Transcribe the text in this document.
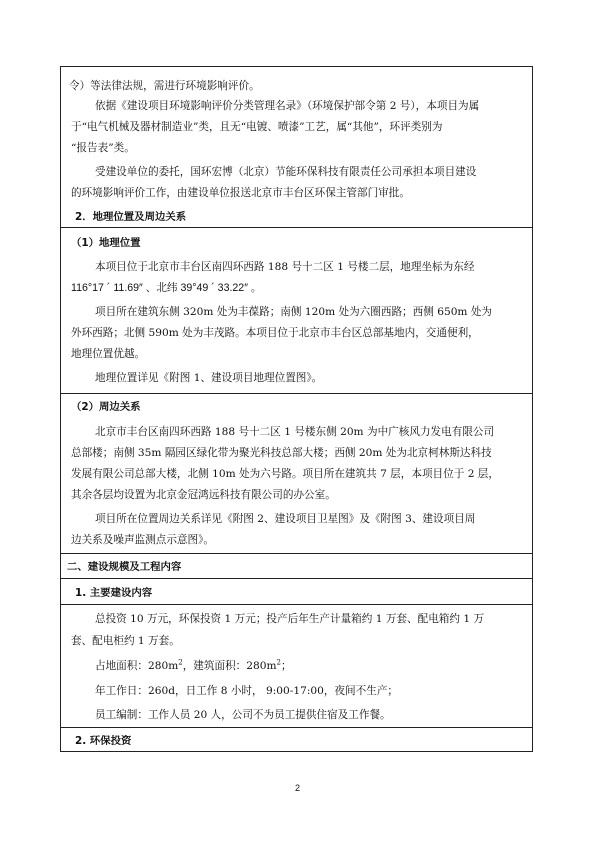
令）等法律法规，需进行环境影响评价。
依据《建设项目环境影响评价分类管理名录》（环境保护部令第 2 号），本项目为属
于“电气机械及器材制造业”类，且无“电镀、喷漆”工艺，属“其他”，环评类别为
“报告表”类。
受建设单位的委托，国环宏博（北京）节能环保科技有限责任公司承担本项目建设
的环境影响评价工作，由建设单位报送北京市丰台区环保主管部门审批。
2．地理位置及周边关系
（1）地理位置
本项目位于北京市丰台区南四环西路 188 号十二区 1 号楼二层，地理坐标为东经
116°17 ´ 11.69″ 、北纬 39°49 ´ 33.22″ 。
项目所在建筑东侧 320m 处为丰葆路；南侧 120m 处为六圈西路；西侧 650m 处为
外环西路；北侧 590m 处为丰茂路。本项目位于北京市丰台区总部基地内，交通便利，
地理位置优越。
地理位置详见《附图 1、建设项目地理位置图》。
（2）周边关系
北京市丰台区南四环西路 188 号十二区 1 号楼东侧 20m 为中广核风力发电有限公司
总部楼；南侧 35m 隔园区绿化带为聚光科技总部大楼；西侧 20m 处为北京柯林斯达科技
发展有限公司总部大楼，北侧 10m 处为六号路。项目所在建筑共 7 层，本项目位于 2 层，
其余各层均设置为北京金冠鸿远科技有限公司的办公室。
项目所在位置周边关系详见《附图 2、建设项目卫星图》及《附图 3、建设项目周
边关系及噪声监测点示意图》。
二、建设规模及工程内容
1. 主要建设内容
总投资 10 万元，环保投资 1 万元；投产后年生产计量箱约 1 万套、配电箱约 1 万
套、配电柜约 1 万套。
占地面积：$280m^2$，建筑面积：$280m^2$；
年工作日：260d，日工作 8 小时， 9:00-17:00，夜间不生产；
员工编制：工作人员 20 人，公司不为员工提供住宿及工作餐。
2. 环保投资
2
